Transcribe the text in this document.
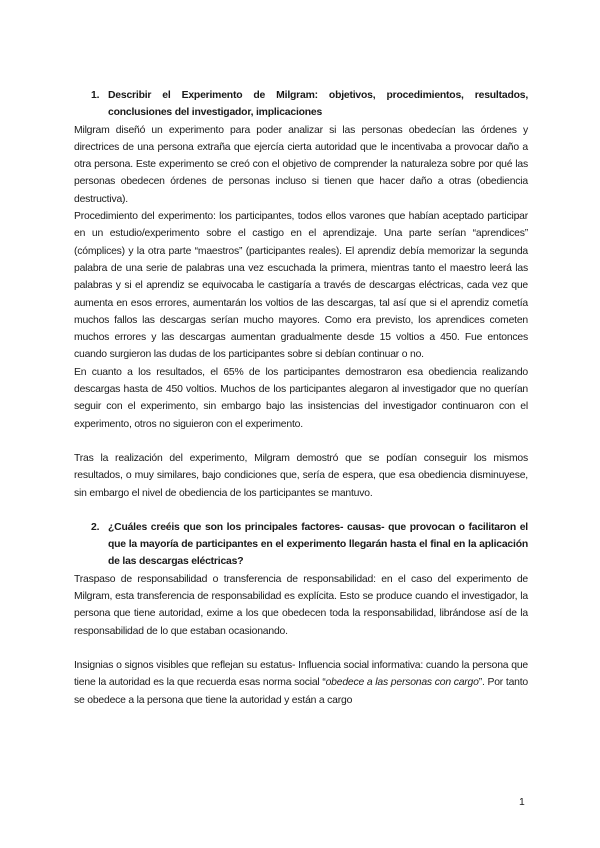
1. Describir el Experimento de Milgram: objetivos, procedimientos, resultados, conclusiones del investigador, implicaciones

Milgram diseñó un experimento para poder analizar si las personas obedecían las órdenes y directrices de una persona extraña que ejercía cierta autoridad que le incentivaba a provocar daño a otra persona. Este experimento se creó con el objetivo de comprender la naturaleza sobre por qué las personas obedecen órdenes de personas incluso si tienen que hacer daño a otras (obediencia destructiva).

Procedimiento del experimento: los participantes, todos ellos varones que habían aceptado participar en un estudio/experimento sobre el castigo en el aprendizaje. Una parte serían “aprendices” (cómplices) y la otra parte “maestros” (participantes reales). El aprendiz debía memorizar la segunda palabra de una serie de palabras una vez escuchada la primera, mientras tanto el maestro leerá las palabras y si el aprendiz se equivocaba le castigaría a través de descargas eléctricas, cada vez que aumenta en esos errores, aumentarán los voltios de las descargas, tal así que si el aprendiz cometía muchos fallos las descargas serían mucho mayores. Como era previsto, los aprendices cometen muchos errores y las descargas aumentan gradualmente desde 15 voltios a 450. Fue entonces cuando surgieron las dudas de los participantes sobre si debían continuar o no.

En cuanto a los resultados, el 65% de los participantes demostraron esa obediencia realizando descargas hasta de 450 voltios. Muchos de los participantes alegaron al investigador que no querían seguir con el experimento, sin embargo bajo las insistencias del investigador continuaron con el experimento, otros no siguieron con el experimento.

Tras la realización del experimento, Milgram demostró que se podían conseguir los mismos resultados, o muy similares, bajo condiciones que, sería de espera, que esa obediencia disminuyese, sin embargo el nivel de obediencia de los participantes se mantuvo.

2. ¿Cuáles creéis que son los principales factores- causas- que provocan o facilitaron el que la mayoría de participantes en el experimento llegarán hasta el final en la aplicación de las descargas eléctricas?

Traspaso de responsabilidad o transferencia de responsabilidad: en el caso del experimento de Milgram, esta transferencia de responsabilidad es explícita. Esto se produce cuando el investigador, la persona que tiene autoridad, exime a los que obedecen toda la responsabilidad, librándose así de la responsabilidad de lo que estaban ocasionando.

Insignias o signos visibles que reflejan su estatus- Influencia social informativa: cuando la persona que tiene la autoridad es la que recuerda esas norma social “obedece a las personas con cargo”. Por tanto se obedece a la persona que tiene la autoridad y están a cargo

1
